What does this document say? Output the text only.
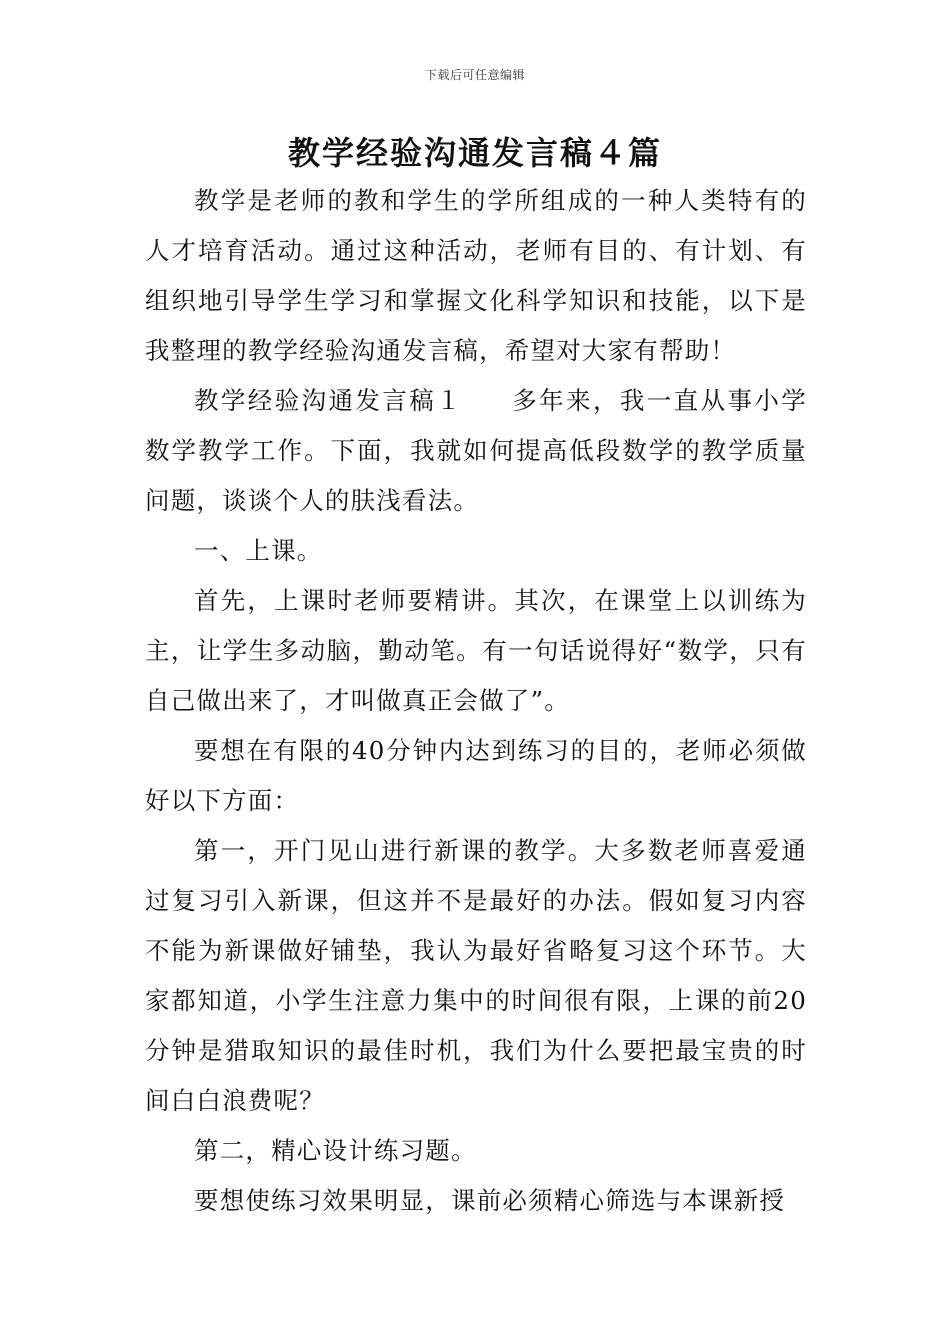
下载后可任意编辑
教学经验沟通发言稿４篇

教学是老师的教和学生的学所组成的一种人类特有的人才培育活动。通过这种活动，老师有目的、有计划、有组织地引导学生学习和掌握文化科学知识和技能，以下是我整理的教学经验沟通发言稿，希望对大家有帮助！

教学经验沟通发言稿１ 多年来，我一直从事小学数学教学工作。下面，我就如何提高低段数学的教学质量问题，谈谈个人的肤浅看法。

一、上课。

首先，上课时老师要精讲。其次，在课堂上以训练为主，让学生多动脑，勤动笔。有一句话说得好“数学，只有自己做出来了，才叫做真正会做了”。

要想在有限的40分钟内达到练习的目的，老师必须做好以下方面：

第一，开门见山进行新课的教学。大多数老师喜爱通过复习引入新课，但这并不是最好的办法。假如复习内容不能为新课做好铺垫，我认为最好省略复习这个环节。大家都知道，小学生注意力集中的时间很有限，上课的前20分钟是猎取知识的最佳时机，我们为什么要把最宝贵的时间白白浪费呢？

第二，精心设计练习题。

要想使练习效果明显，课前必须精心筛选与本课新授
